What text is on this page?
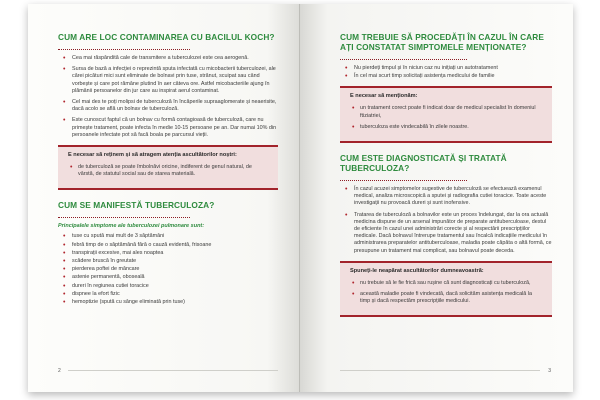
CUM ARE LOC CONTAMINAREA CU BACILUL KOCH?
• Cea mai răspândită cale de transmitere a tuberculozei este cea aerogenă.
• Sursa de bază a infecției o reprezintă sputa infectată cu micobacterii tuberculozei, ale cărei picături mici sunt eliminate de bolnavi prin tuse, strănut, scuipat sau când vorbește și care pot rămâne plutind în aer câteva ore. Astfel micobacteriile ajung în plămânii persoanelor din jur care au inspirat aerul contaminat.
• Cel mai des te poți molipsi de tuberculoză în încăperile supraaglomerate și neaerisite, dacă acolo se află un bolnav de tuberculoză.
• Este cunoscut faptul că un bolnav cu formă contagioasă de tuberculoză, care nu primește tratament, poate infecta în medie 10-15 persoane pe an. Dar numai 10% din persoanele infectate pot să facă boala pe parcursul vieții.
E necesar să reținem și să atragem atenția ascultătorilor noștri:
• de tuberculoză se poate îmbolnăvi oricine, indiferent de genul natural, de vârstă, de statutul social sau de starea materială.
CUM SE MANIFESTĂ TUBERCULOZA?
Principalele simptome ale tuberculozei pulmonare sunt:
• tuse cu spută mai mult de 3 săptămâni
• febră timp de o săptămână fără o cauză evidentă, frisoane
• transpirații excesive, mai ales noaptea
• scădere bruscă în greutate
• pierderea poftei de mâncare
• astenie permanentă, oboseală
• dureri în regiunea cutiei toracice
• dispnee la efort fizic
• hemoptizie (spută cu sânge eliminată prin tuse)
2
CUM TREBUIE SĂ PROCEDĂȚI ÎN CAZUL ÎN CARE AȚI CONSTATAT SIMPTOMELE MENȚIONATE?
• Nu pierdeți timpul și în niciun caz nu inițiați un autotratament
• În cel mai scurt timp solicitați asistența medicului de familie
E necesar să menționăm:
• un tratament corect poate fi indicat doar de medicul specialist în domeniul ftiziatriei,
• tuberculoza este vindecabilă în zilele noastre.
CUM ESTE DIAGNOSTICATĂ ȘI TRATATĂ TUBERCULOZA?
• În cazul acuzei simptomelor sugestive de tuberculoză se efectuează examenul medical, analiza microscopică a sputei și radiografia cutiei toracice. Toate aceste investigații nu provoacă dureri și sunt inofensive.
• Tratarea de tuberculoză a bolnavilor este un proces îndelungat, dar la ora actuală medicina dispune de un arsenal impunător de preparate antituberculoase, destul de eficiente în cazul unei administrări corecte și al respectării prescripțiilor medicale. Dacă bolnavul întrerupe tratamentul sau încalcă indicațiile medicului în administrarea preparatelor antituberculoase, maladia poate căpăta o altă formă, ce presupune un tratament mai complicat, sau bolnavul poate deceda.
Spuneți-le neapărat ascultătorilor dumneavoastră:
• nu trebuie să le fie frică sau rușine că sunt diagnosticați cu tuberculoză,
• această maladie poate fi vindecată, dacă solicităm asistența medicală la timp și dacă respectăm prescripțiile medicului.
3
